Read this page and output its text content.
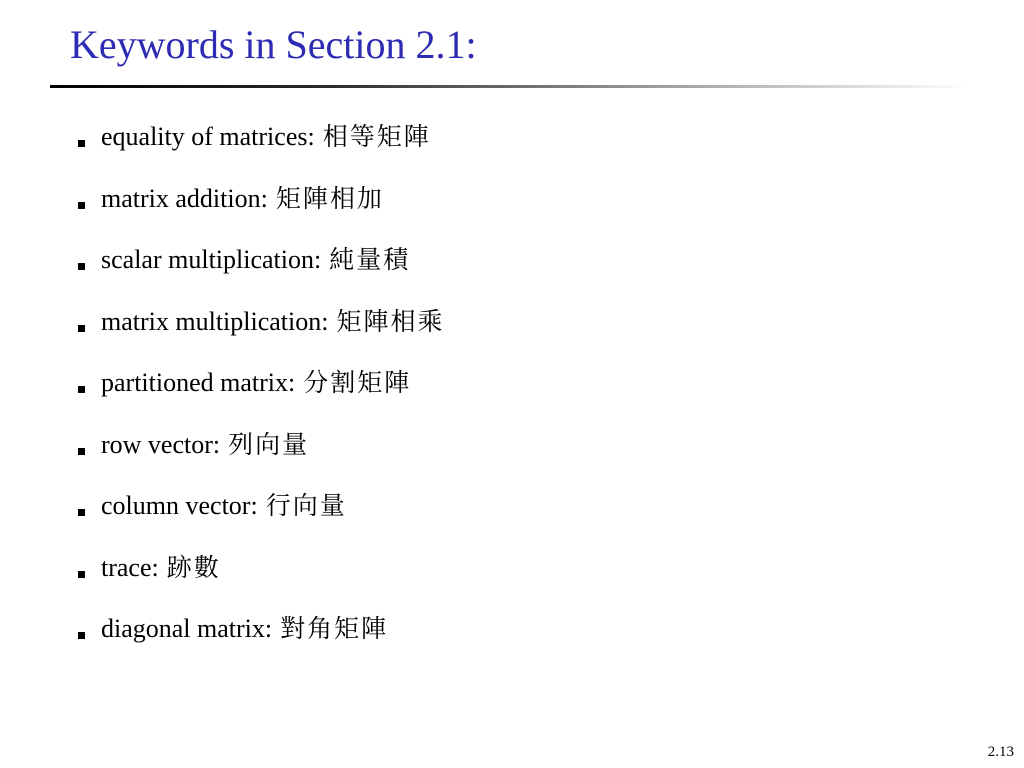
Keywords in Section 2.1:
equality of matrices: 相等矩陣
matrix addition: 矩陣相加
scalar multiplication: 純量積
matrix multiplication: 矩陣相乘
partitioned matrix: 分割矩陣
row vector: 列向量
column vector: 行向量
trace: 跡數
diagonal matrix: 對角矩陣
2.13
